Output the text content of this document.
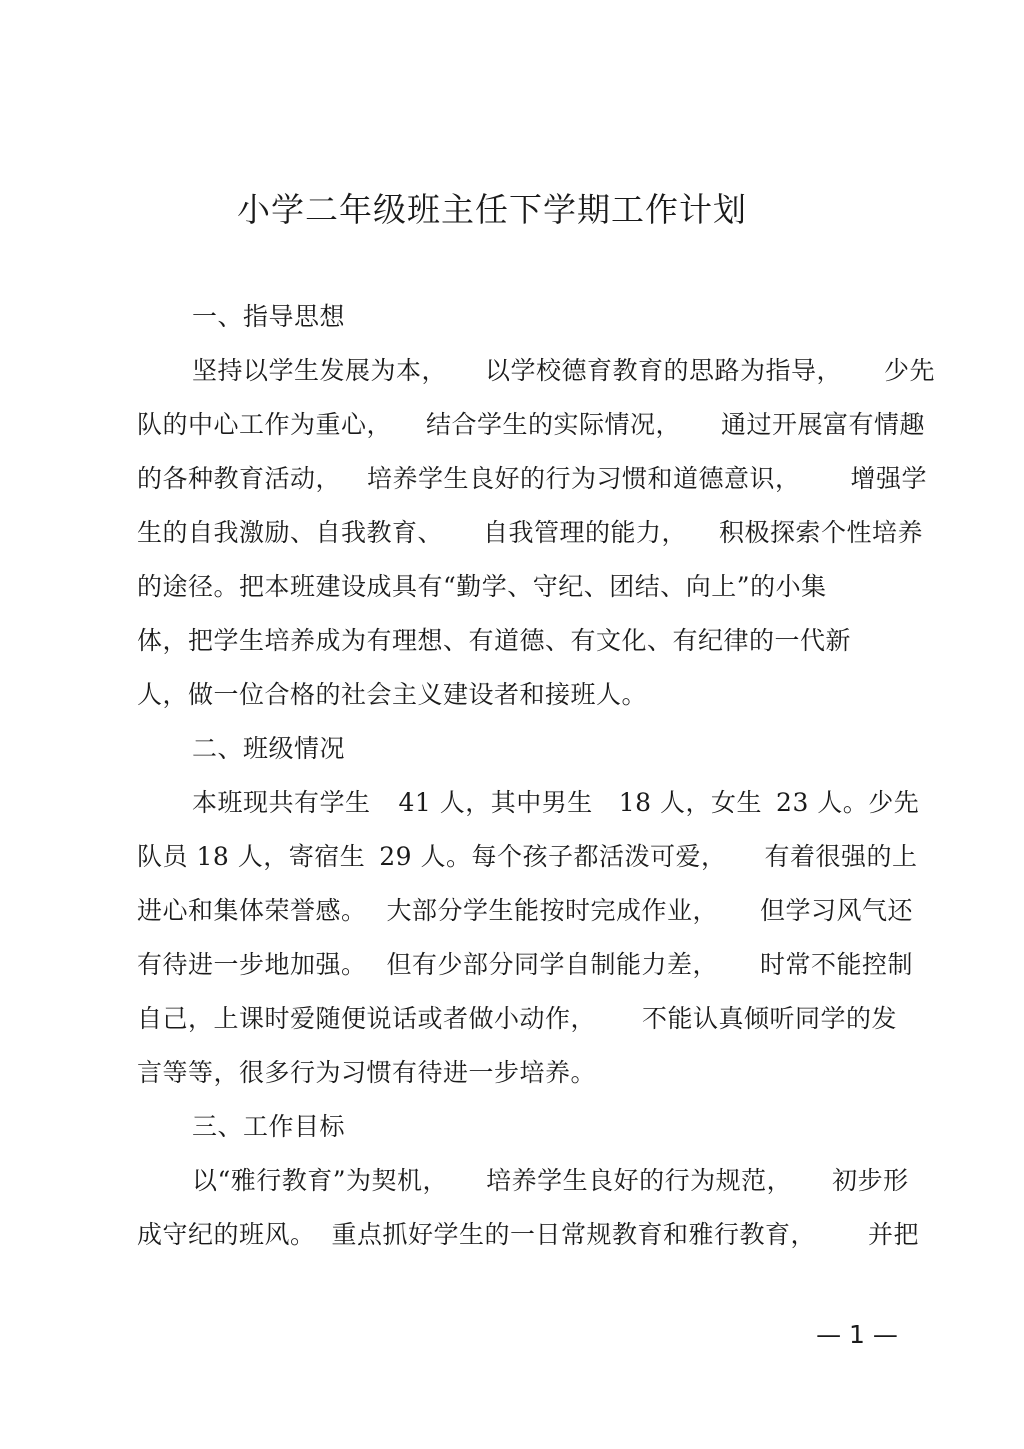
小学二年级班主任下学期工作计划
一、指导思想
坚持以学生发展为本， 以学校德育教育的思路为指导， 少先
队的中心工作为重心， 结合学生的实际情况， 通过开展富有情趣
的各种教育活动， 培养学生良好的行为习惯和道德意识， 增强学
生的自我激励、自我教育、 自我管理的能力， 积极探索个性培养
的途径。把本班建设成具有“勤学、守纪、团结、向上”的小集
体，把学生培养成为有理想、有道德、有文化、有纪律的一代新
人，做一位合格的社会主义建设者和接班人。
二、班级情况
本班现共有学生 41 人，其中男生 18 人，女生 23 人。少先
队员 18 人，寄宿生 29 人。每个孩子都活泼可爱， 有着很强的上
进心和集体荣誉感。 大部分学生能按时完成作业， 但学习风气还
有待进一步地加强。 但有少部分同学自制能力差， 时常不能控制
自己，上课时爱随便说话或者做小动作， 不能认真倾听同学的发
言等等，很多行为习惯有待进一步培养。
三、工作目标
以“雅行教育”为契机， 培养学生良好的行为规范， 初步形
成守纪的班风。 重点抓好学生的一日常规教育和雅行教育， 并把
— 1 —
